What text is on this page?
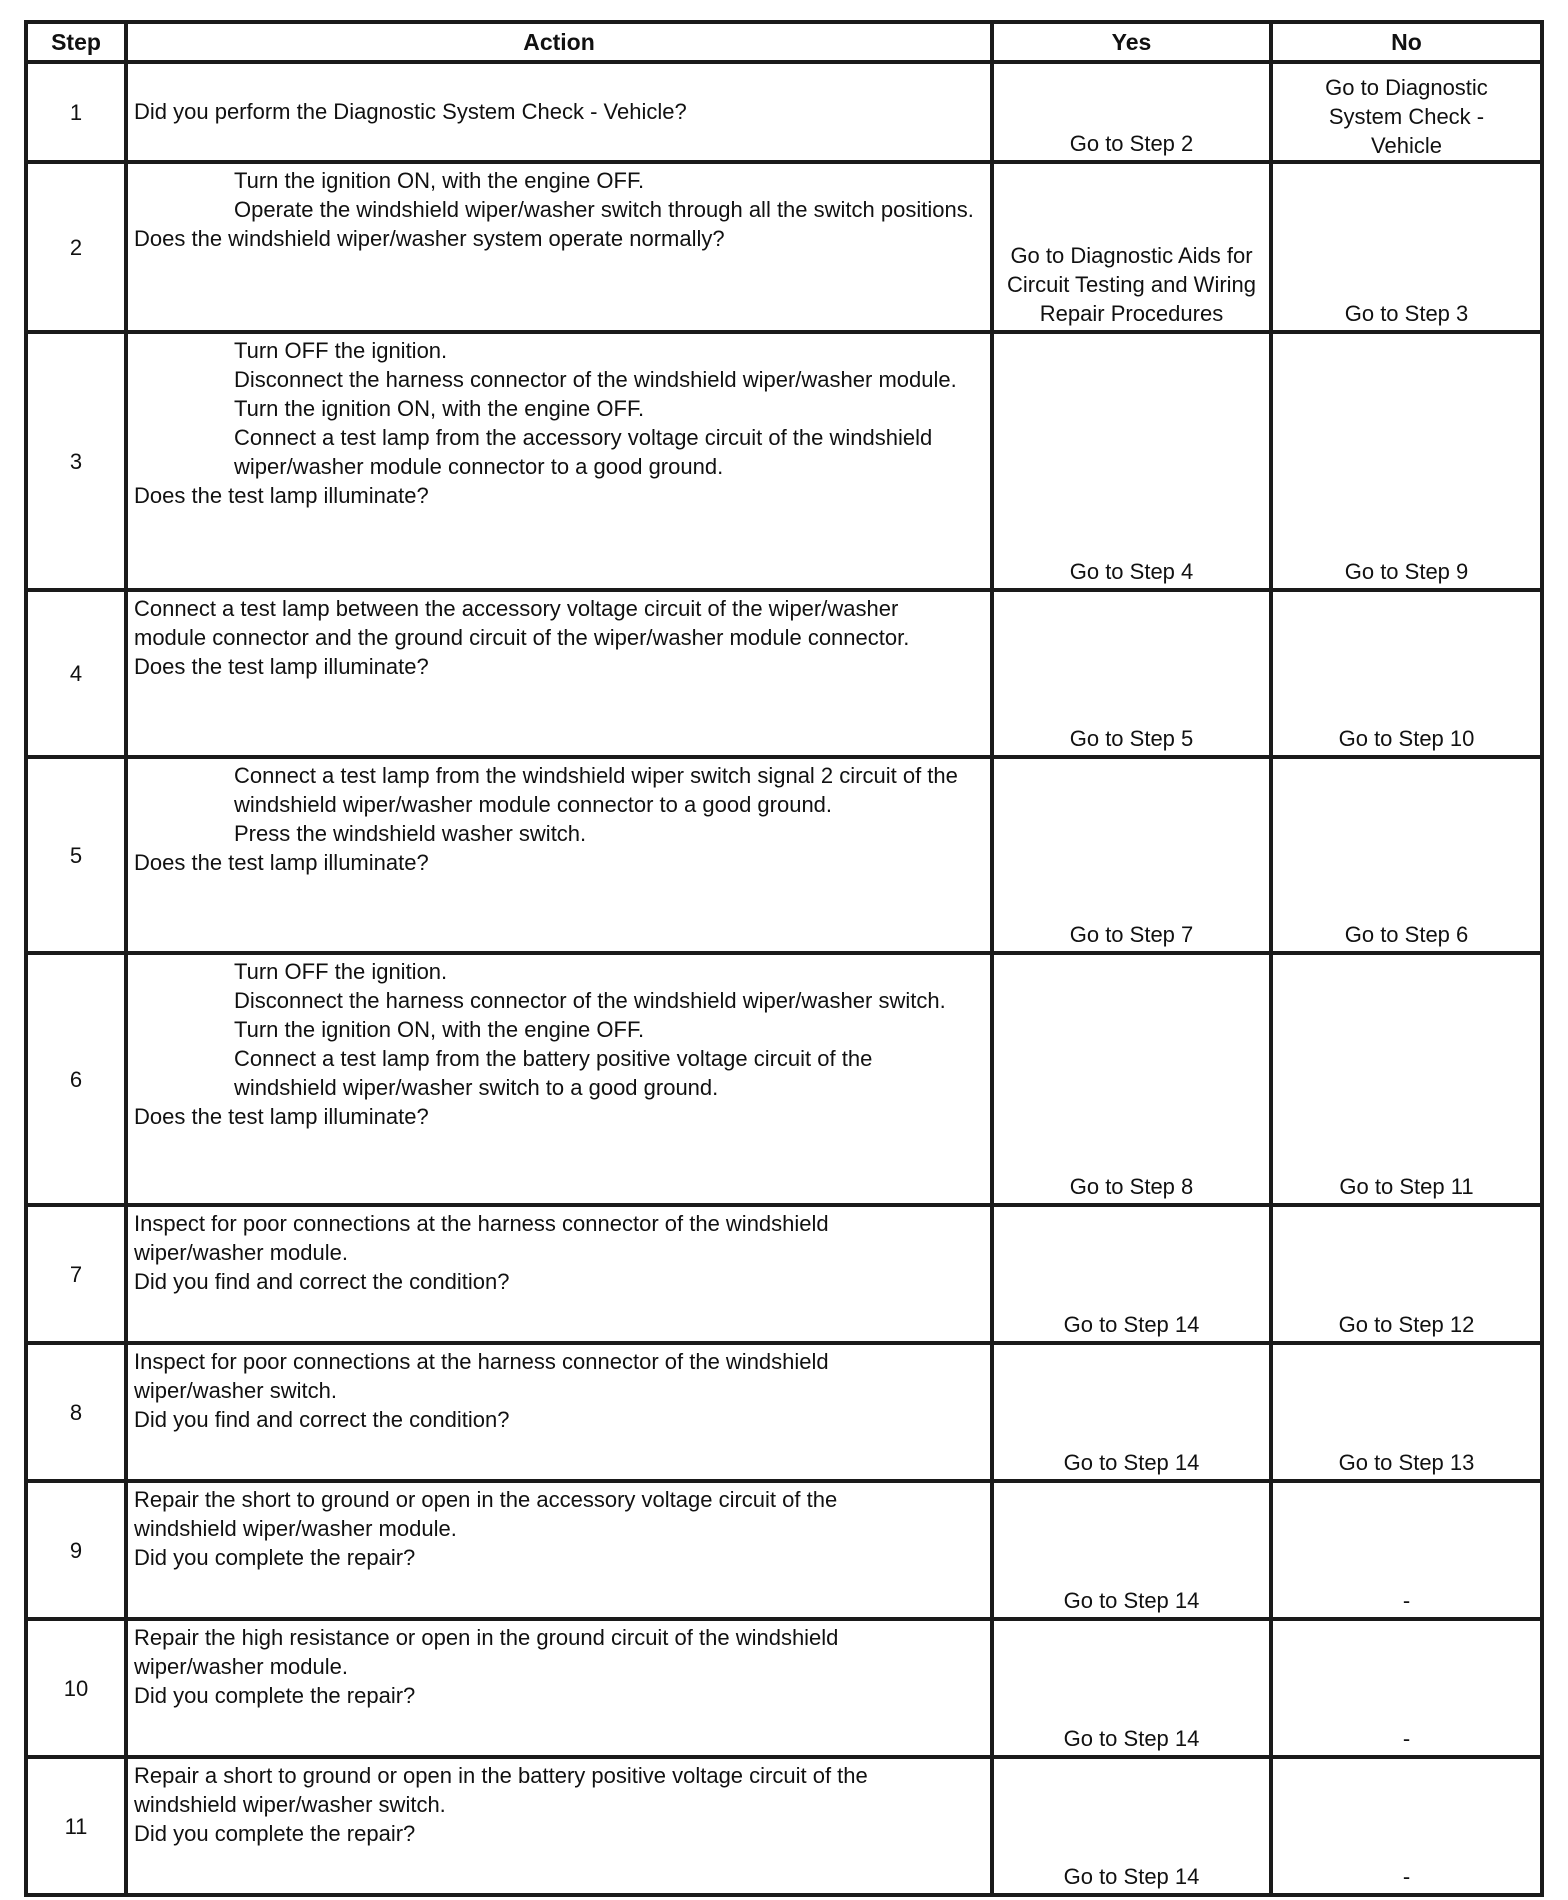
Step	Action	Yes	No
1	Did you perform the Diagnostic System Check - Vehicle?	Go to Step 2	Go to Diagnostic System Check - Vehicle
2	Turn the ignition ON, with the engine OFF.
Operate the windshield wiper/washer switch through all the switch positions.
Does the windshield wiper/washer system operate normally?	Go to Diagnostic Aids for Circuit Testing and Wiring Repair Procedures	Go to Step 3
3	Turn OFF the ignition.
Disconnect the harness connector of the windshield wiper/washer module.
Turn the ignition ON, with the engine OFF.
Connect a test lamp from the accessory voltage circuit of the windshield wiper/washer module connector to a good ground.
Does the test lamp illuminate?	Go to Step 4	Go to Step 9
4	Connect a test lamp between the accessory voltage circuit of the wiper/washer module connector and the ground circuit of the wiper/washer module connector.
Does the test lamp illuminate?	Go to Step 5	Go to Step 10
5	Connect a test lamp from the windshield wiper switch signal 2 circuit of the windshield wiper/washer module connector to a good ground.
Press the windshield washer switch.
Does the test lamp illuminate?	Go to Step 7	Go to Step 6
6	Turn OFF the ignition.
Disconnect the harness connector of the windshield wiper/washer switch.
Turn the ignition ON, with the engine OFF.
Connect a test lamp from the battery positive voltage circuit of the windshield wiper/washer switch to a good ground.
Does the test lamp illuminate?	Go to Step 8	Go to Step 11
7	Inspect for poor connections at the harness connector of the windshield wiper/washer module.
Did you find and correct the condition?	Go to Step 14	Go to Step 12
8	Inspect for poor connections at the harness connector of the windshield wiper/washer switch.
Did you find and correct the condition?	Go to Step 14	Go to Step 13
9	Repair the short to ground or open in the accessory voltage circuit of the windshield wiper/washer module.
Did you complete the repair?	Go to Step 14	-
10	Repair the high resistance or open in the ground circuit of the windshield wiper/washer module.
Did you complete the repair?	Go to Step 14	-
11	Repair a short to ground or open in the battery positive voltage circuit of the windshield wiper/washer switch.
Did you complete the repair?	Go to Step 14	-
